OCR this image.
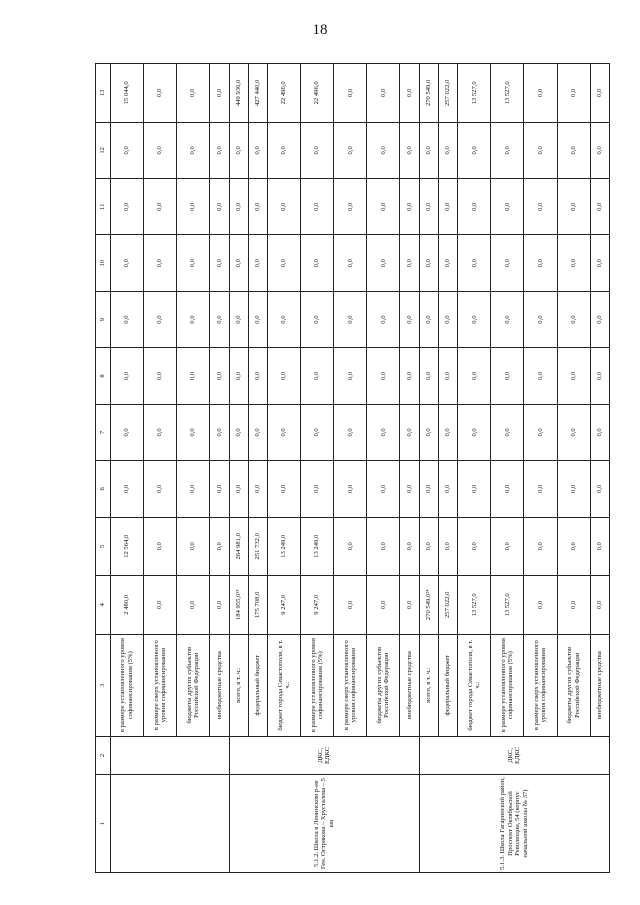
18
1	2	3	4	5	6	7	8	9	10	11	12	13
		в размере установленного уровня софинансирования (5%)	2 480,0	12 564,0	0,0	0,0	0,0	0,0	0,0	0,0	0,0	15 044,0
		в размере сверх установленного уровня софинансирования	0,0	0,0	0,0	0,0	0,0	0,0	0,0	0,0	0,0	0,0
		бюджеты других субъектов Российской Федерации	0,0	0,0	0,0	0,0	0,0	0,0	0,0	0,0	0,0	0,0
		внебюджетные средства	0,0	0,0	0,0	0,0	0,0	0,0	0,0	0,0	0,0	0,0
5.1.2. Школа в Ленинском р-не Ген. Острякова – Хрусталева – 5 км	ДКС, ЕДКС	всего, в т. ч.:	184 955,0²³	264 981,0	0,0	0,0	0,0	0,0	0,0	0,0	0,0	449 936,0
		федеральный бюджет	175 708,0	251 732,0	0,0	0,0	0,0	0,0	0,0	0,0	0,0	427 440,0
		бюджет города Севастополя, в т. ч.:	9 247,0	13 249,0	0,0	0,0	0,0	0,0	0,0	0,0	0,0	22 496,0
		в размере установленного уровня софинансирования (5%)	9 247,0	13 249,0	0,0	0,0	0,0	0,0	0,0	0,0	0,0	22 496,0
		в размере сверх установленного уровня софинансирования	0,0	0,0	0,0	0,0	0,0	0,0	0,0	0,0	0,0	0,0
		бюджеты других субъектов Российской Федерации	0,0	0,0	0,0	0,0	0,0	0,0	0,0	0,0	0,0	0,0
		внебюджетные средства	0,0	0,0	0,0	0,0	0,0	0,0	0,0	0,0	0,0	0,0
5.1.3. Школа Гагаринский район, Проспект Октябрьской Революции, 54 (корпус начальной школы № 37)	ДКС, ЕДКС	всего, в т. ч.:	270 549,0²⁴	0,0	0,0	0,0	0,0	0,0	0,0	0,0	0,0	270 549,0
		федеральный бюджет	257 022,0	0,0	0,0	0,0	0,0	0,0	0,0	0,0	0,0	257 022,0
		бюджет города Севастополя, в т. ч.:	13 527,0	0,0	0,0	0,0	0,0	0,0	0,0	0,0	0,0	13 527,0
		в размере установленного уровня софинансирования (5%)	13 527,0	0,0	0,0	0,0	0,0	0,0	0,0	0,0	0,0	13 527,0
		в размере сверх установленного уровня софинансирования	0,0	0,0	0,0	0,0	0,0	0,0	0,0	0,0	0,0	0,0
		бюджеты других субъектов Российской Федерации	0,0	0,0	0,0	0,0	0,0	0,0	0,0	0,0	0,0	0,0
		внебюджетные средства	0,0	0,0	0,0	0,0	0,0	0,0	0,0	0,0	0,0	0,0
